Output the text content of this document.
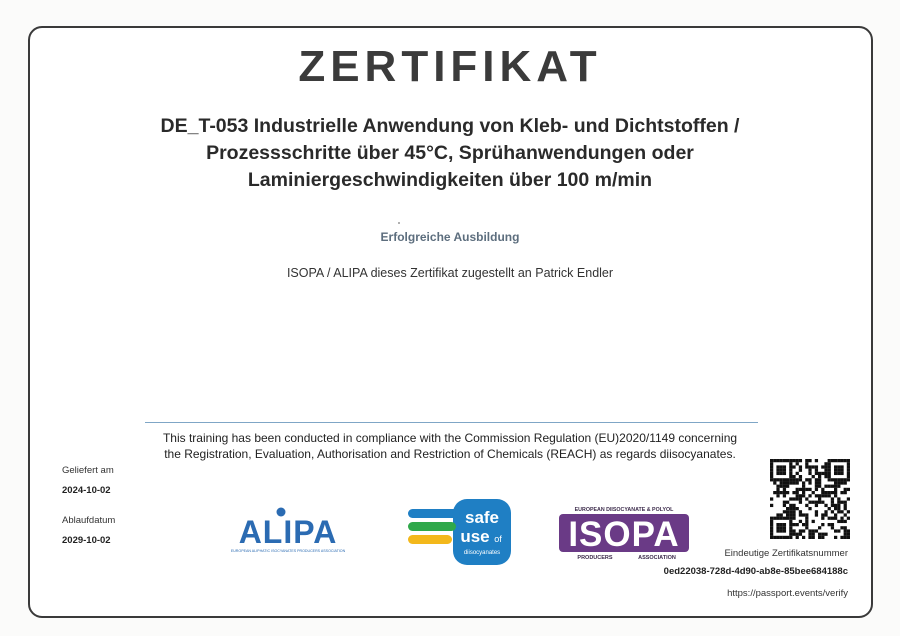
ZERTIFIKAT
DE_T-053 Industrielle Anwendung von Kleb- und Dichtstoffen /
Prozessschritte über 45°C, Sprühanwendungen oder
Laminiergeschwindigkeiten über 100 m/min
Erfolgreiche Ausbildung
ISOPA / ALIPA dieses Zertifikat zugestellt an Patrick Endler
This training has been conducted in compliance with the Commission Regulation (EU)2020/1149 concerning
the Registration, Evaluation, Authorisation and Restriction of Chemicals (REACH) as regards diisocyanates.
Geliefert am
2024-10-02
Ablaufdatum
2029-10-02	ALIPA
EUROPEAN ALIPHATIC ISOCYANATES PRODUCERS ASSOCIATION
safe
use of
diisocyanates
EUROPEAN DIISOCYANATE & POLYOL
ISOPA
PRODUCERS	ASSOCIATION	Eindeutige Zertifikatsnummer
0ed22038-728d-4d90-ab8e-85bee684188c
https://passport.events/verify
